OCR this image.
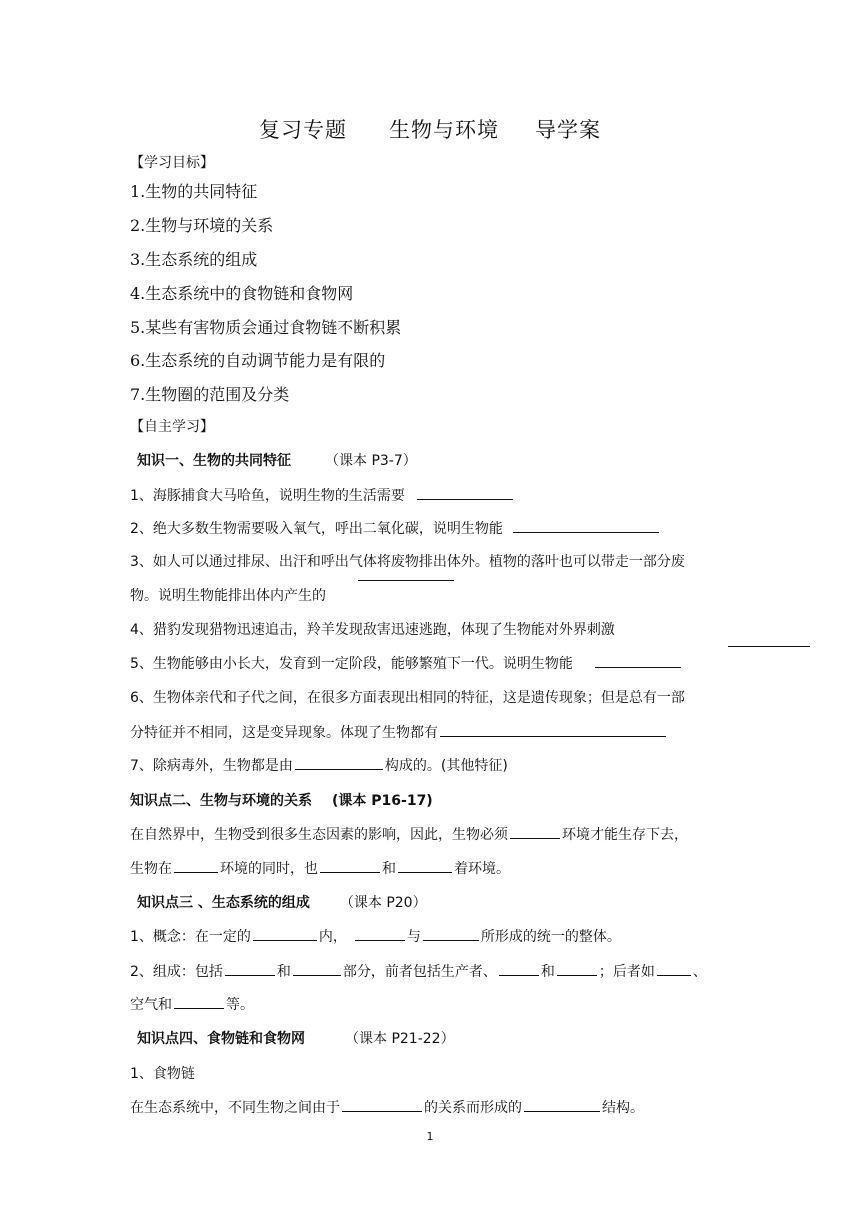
复习专题 生物与环境 导学案
【学习目标】
1.生物的共同特征
2.生物与环境的关系
3.生态系统的组成
4.生态系统中的食物链和食物网
5.某些有害物质会通过食物链不断积累
6.生态系统的自动调节能力是有限的
7.生物圈的范围及分类
【自主学习】
知识一、生物的共同特征 （课本 P3-7）
1、海豚捕食大马哈鱼，说明生物的生活需要
2、绝大多数生物需要吸入氧气，呼出二氧化碳，说明生物能
3、如人可以通过排尿、出汗和呼出气体将废物排出体外。植物的落叶也可以带走一部分废
物。说明生物能排出体内产生的
4、猎豹发现猎物迅速追击，羚羊发现敌害迅速逃跑，体现了生物能对外界刺激
5、生物能够由小长大，发育到一定阶段，能够繁殖下一代。说明生物能
6、生物体亲代和子代之间，在很多方面表现出相同的特征，这是遗传现象；但是总有一部
分特征并不相同，这是变异现象。体现了生物都有
7、除病毒外，生物都是由	构成的。(其他特征)
知识点二、生物与环境的关系 (课本 P16-17)
在自然界中，生物受到很多生态因素的影响，因此，生物必须	环境才能生存下去，
生物在	环境的同时，也	和	着环境。
知识点三 、生态系统的组成 （课本 P20）
1、概念：在一定的	内，	与	所形成的统一的整体。
2、组成：包括	和	部分，前者包括生产者、	和	；后者如	、
空气和	等。
知识点四、食物链和食物网	（课本 P21-22）
1、食物链
在生态系统中，不同生物之间由于	的关系而形成的	结构。
1
